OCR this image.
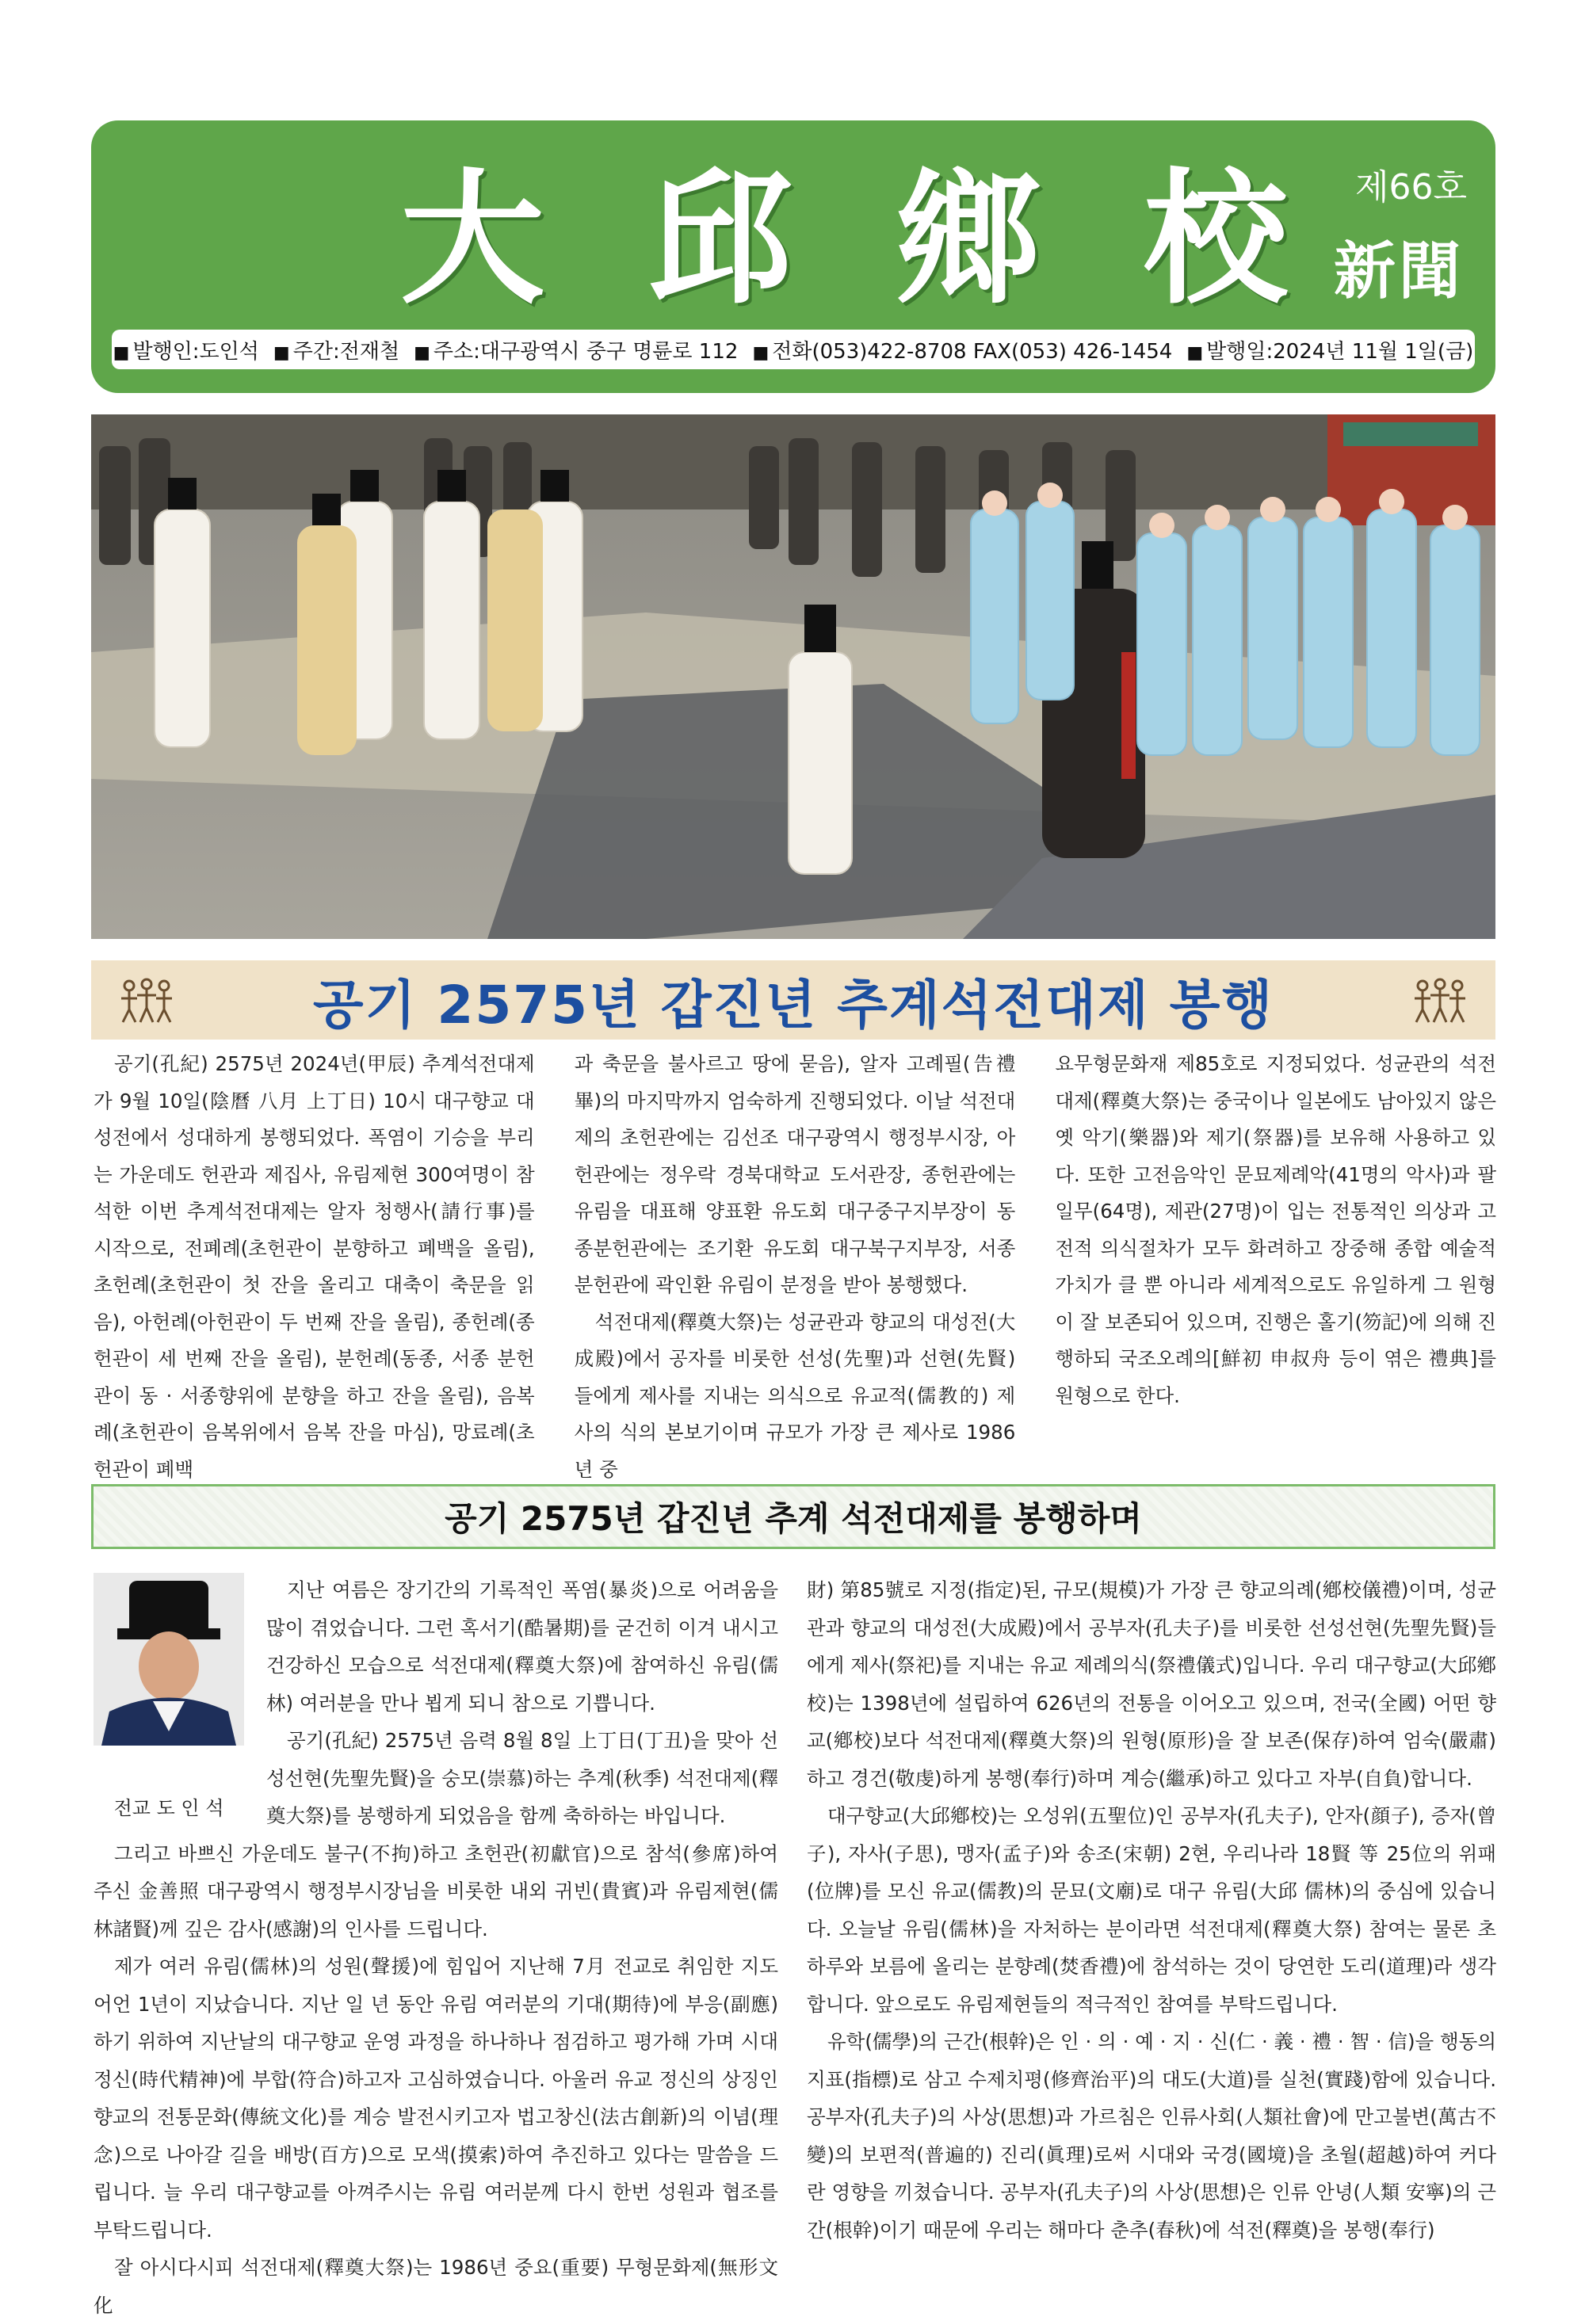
大 邱 鄉 校 제66호
新聞
■ 발행인:도인석	■ 주간:전재철	■ 주소:대구광역시 중구 명륜로 112	■ 전화(053)422-8708 FAX(053) 426-1454	■ 발행일:2024년 11월 1일(금)
공기 2575년 갑진년 추계석전대제 봉행

공기(孔紀) 2575년 2024년(甲辰) 추계석전대제가 9월 10일(陰曆 八月 上丁日) 10시 대구향교 대성전에서 성대하게 봉행되었다. 폭염이 기승을 부리는 가운데도 헌관과 제집사, 유림제현 300여명이 참석한 이번 추계석전대제는 알자 청행사(請行事)를 시작으로, 전폐례(초헌관이 분향하고 폐백을 올림), 초헌례(초헌관이 첫 잔을 올리고 대축이 축문을 읽음), 아헌례(아헌관이 두 번째 잔을 올림), 종헌례(종헌관이 세 번째 잔을 올림), 분헌례(동종, 서종 분헌관이 동 · 서종향위에 분향을 하고 잔을 올림), 음복례(초헌관이 음복위에서 음복 잔을 마심), 망료례(초헌관이 폐백

과 축문을 불사르고 땅에 묻음), 알자 고례필(告禮畢)의 마지막까지 엄숙하게 진행되었다. 이날 석전대제의 초헌관에는 김선조 대구광역시 행정부시장, 아헌관에는 정우락 경북대학교 도서관장, 종헌관에는 유림을 대표해 양표환 유도회 대구중구지부장이 동종분헌관에는 조기환 유도회 대구북구지부장, 서종분헌관에 곽인환 유림이 분정을 받아 봉행했다.

석전대제(釋奠大祭)는 성균관과 향교의 대성전(大成殿)에서 공자를 비롯한 선성(先聖)과 선현(先賢)들에게 제사를 지내는 의식으로 유교적(儒教的) 제사의 식의 본보기이며 규모가 가장 큰 제사로 1986년 중

요무형문화재 제85호로 지정되었다. 성균관의 석전대제(釋奠大祭)는 중국이나 일본에도 남아있지 않은 옛 악기(樂器)와 제기(祭器)를 보유해 사용하고 있다. 또한 고전음악인 문묘제례악(41명의 악사)과 팔일무(64명), 제관(27명)이 입는 전통적인 의상과 고전적 의식절차가 모두 화려하고 장중해 종합 예술적 가치가 클 뿐 아니라 세계적으로도 유일하게 그 원형이 잘 보존되어 있으며, 진행은 홀기(笏記)에 의해 진행하되 국조오례의[鮮初 申叔舟 등이 엮은 禮典]를 원형으로 한다.

공기 2575년 갑진년 추계 석전대제를 봉행하며
전교 도 인 석

지난 여름은 장기간의 기록적인 폭염(暴炎)으로 어려움을 많이 겪었습니다. 그런 혹서기(酷暑期)를 굳건히 이겨 내시고 건강하신 모습으로 석전대제(釋奠大祭)에 참여하신 유림(儒林) 여러분을 만나 뵙게 되니 참으로 기쁩니다.

공기(孔紀) 2575년 음력 8월 8일 上丁日(丁丑)을 맞아 선성선현(先聖先賢)을 숭모(崇慕)하는 추계(秋季) 석전대제(釋奠大祭)를 봉행하게 되었음을 함께 축하하는 바입니다.

그리고 바쁘신 가운데도 불구(不拘)하고 초헌관(初獻官)으로 참석(參席)하여 주신 金善照 대구광역시 행정부시장님을 비롯한 내외 귀빈(貴賓)과 유림제현(儒林諸賢)께 깊은 감사(感謝)의 인사를 드립니다.

제가 여러 유림(儒林)의 성원(聲援)에 힘입어 지난해 7月 전교로 취임한 지도 어언 1년이 지났습니다. 지난 일 년 동안 유림 여러분의 기대(期待)에 부응(副應)하기 위하여 지난날의 대구향교 운영 과정을 하나하나 점검하고 평가해 가며 시대정신(時代精神)에 부합(符合)하고자 고심하였습니다. 아울러 유교 정신의 상징인 향교의 전통문화(傳統文化)를 계승 발전시키고자 법고창신(法古創新)의 이념(理念)으로 나아갈 길을 배방(百方)으로 모색(摸索)하여 추진하고 있다는 말씀을 드립니다. 늘 우리 대구향교를 아껴주시는 유림 여러분께 다시 한번 성원과 협조를 부탁드립니다.

잘 아시다시피 석전대제(釋奠大祭)는 1986년 중요(重要) 무형문화제(無形文化

財) 第85號로 지정(指定)된, 규모(規模)가 가장 큰 향교의례(鄕校儀禮)이며, 성균관과 향교의 대성전(大成殿)에서 공부자(孔夫子)를 비롯한 선성선현(先聖先賢)들에게 제사(祭祀)를 지내는 유교 제례의식(祭禮儀式)입니다. 우리 대구향교(大邱鄕校)는 1398년에 설립하여 626년의 전통을 이어오고 있으며, 전국(全國) 어떤 향교(鄕校)보다 석전대제(釋奠大祭)의 원형(原形)을 잘 보존(保存)하여 엄숙(嚴肅)하고 경건(敬虔)하게 봉행(奉行)하며 계승(繼承)하고 있다고 자부(自負)합니다.

대구향교(大邱鄕校)는 오성위(五聖位)인 공부자(孔夫子), 안자(顔子), 증자(曾子), 자사(子思), 맹자(孟子)와 송조(宋朝) 2현, 우리나라 18賢 等 25位의 위패(位牌)를 모신 유교(儒教)의 문묘(文廟)로 대구 유림(大邱 儒林)의 중심에 있습니다. 오늘날 유림(儒林)을 자처하는 분이라면 석전대제(釋奠大祭) 참여는 물론 초하루와 보름에 올리는 분향례(焚香禮)에 참석하는 것이 당연한 도리(道理)라 생각합니다. 앞으로도 유림제현들의 적극적인 참여를 부탁드립니다.

유학(儒學)의 근간(根幹)은 인 · 의 · 예 · 지 · 신(仁 · 義 · 禮 · 智 · 信)을 행동의 지표(指標)로 삼고 수제치평(修齊治平)의 대도(大道)를 실천(實踐)함에 있습니다. 공부자(孔夫子)의 사상(思想)과 가르침은 인류사회(人類社會)에 만고불변(萬古不變)의 보편적(普遍的) 진리(眞理)로써 시대와 국경(國境)을 초월(超越)하여 커다란 영향을 끼쳤습니다. 공부자(孔夫子)의 사상(思想)은 인류 안녕(人類 安寧)의 근간(根幹)이기 때문에 우리는 해마다 춘추(春秋)에 석전(釋奠)을 봉행(奉行)
